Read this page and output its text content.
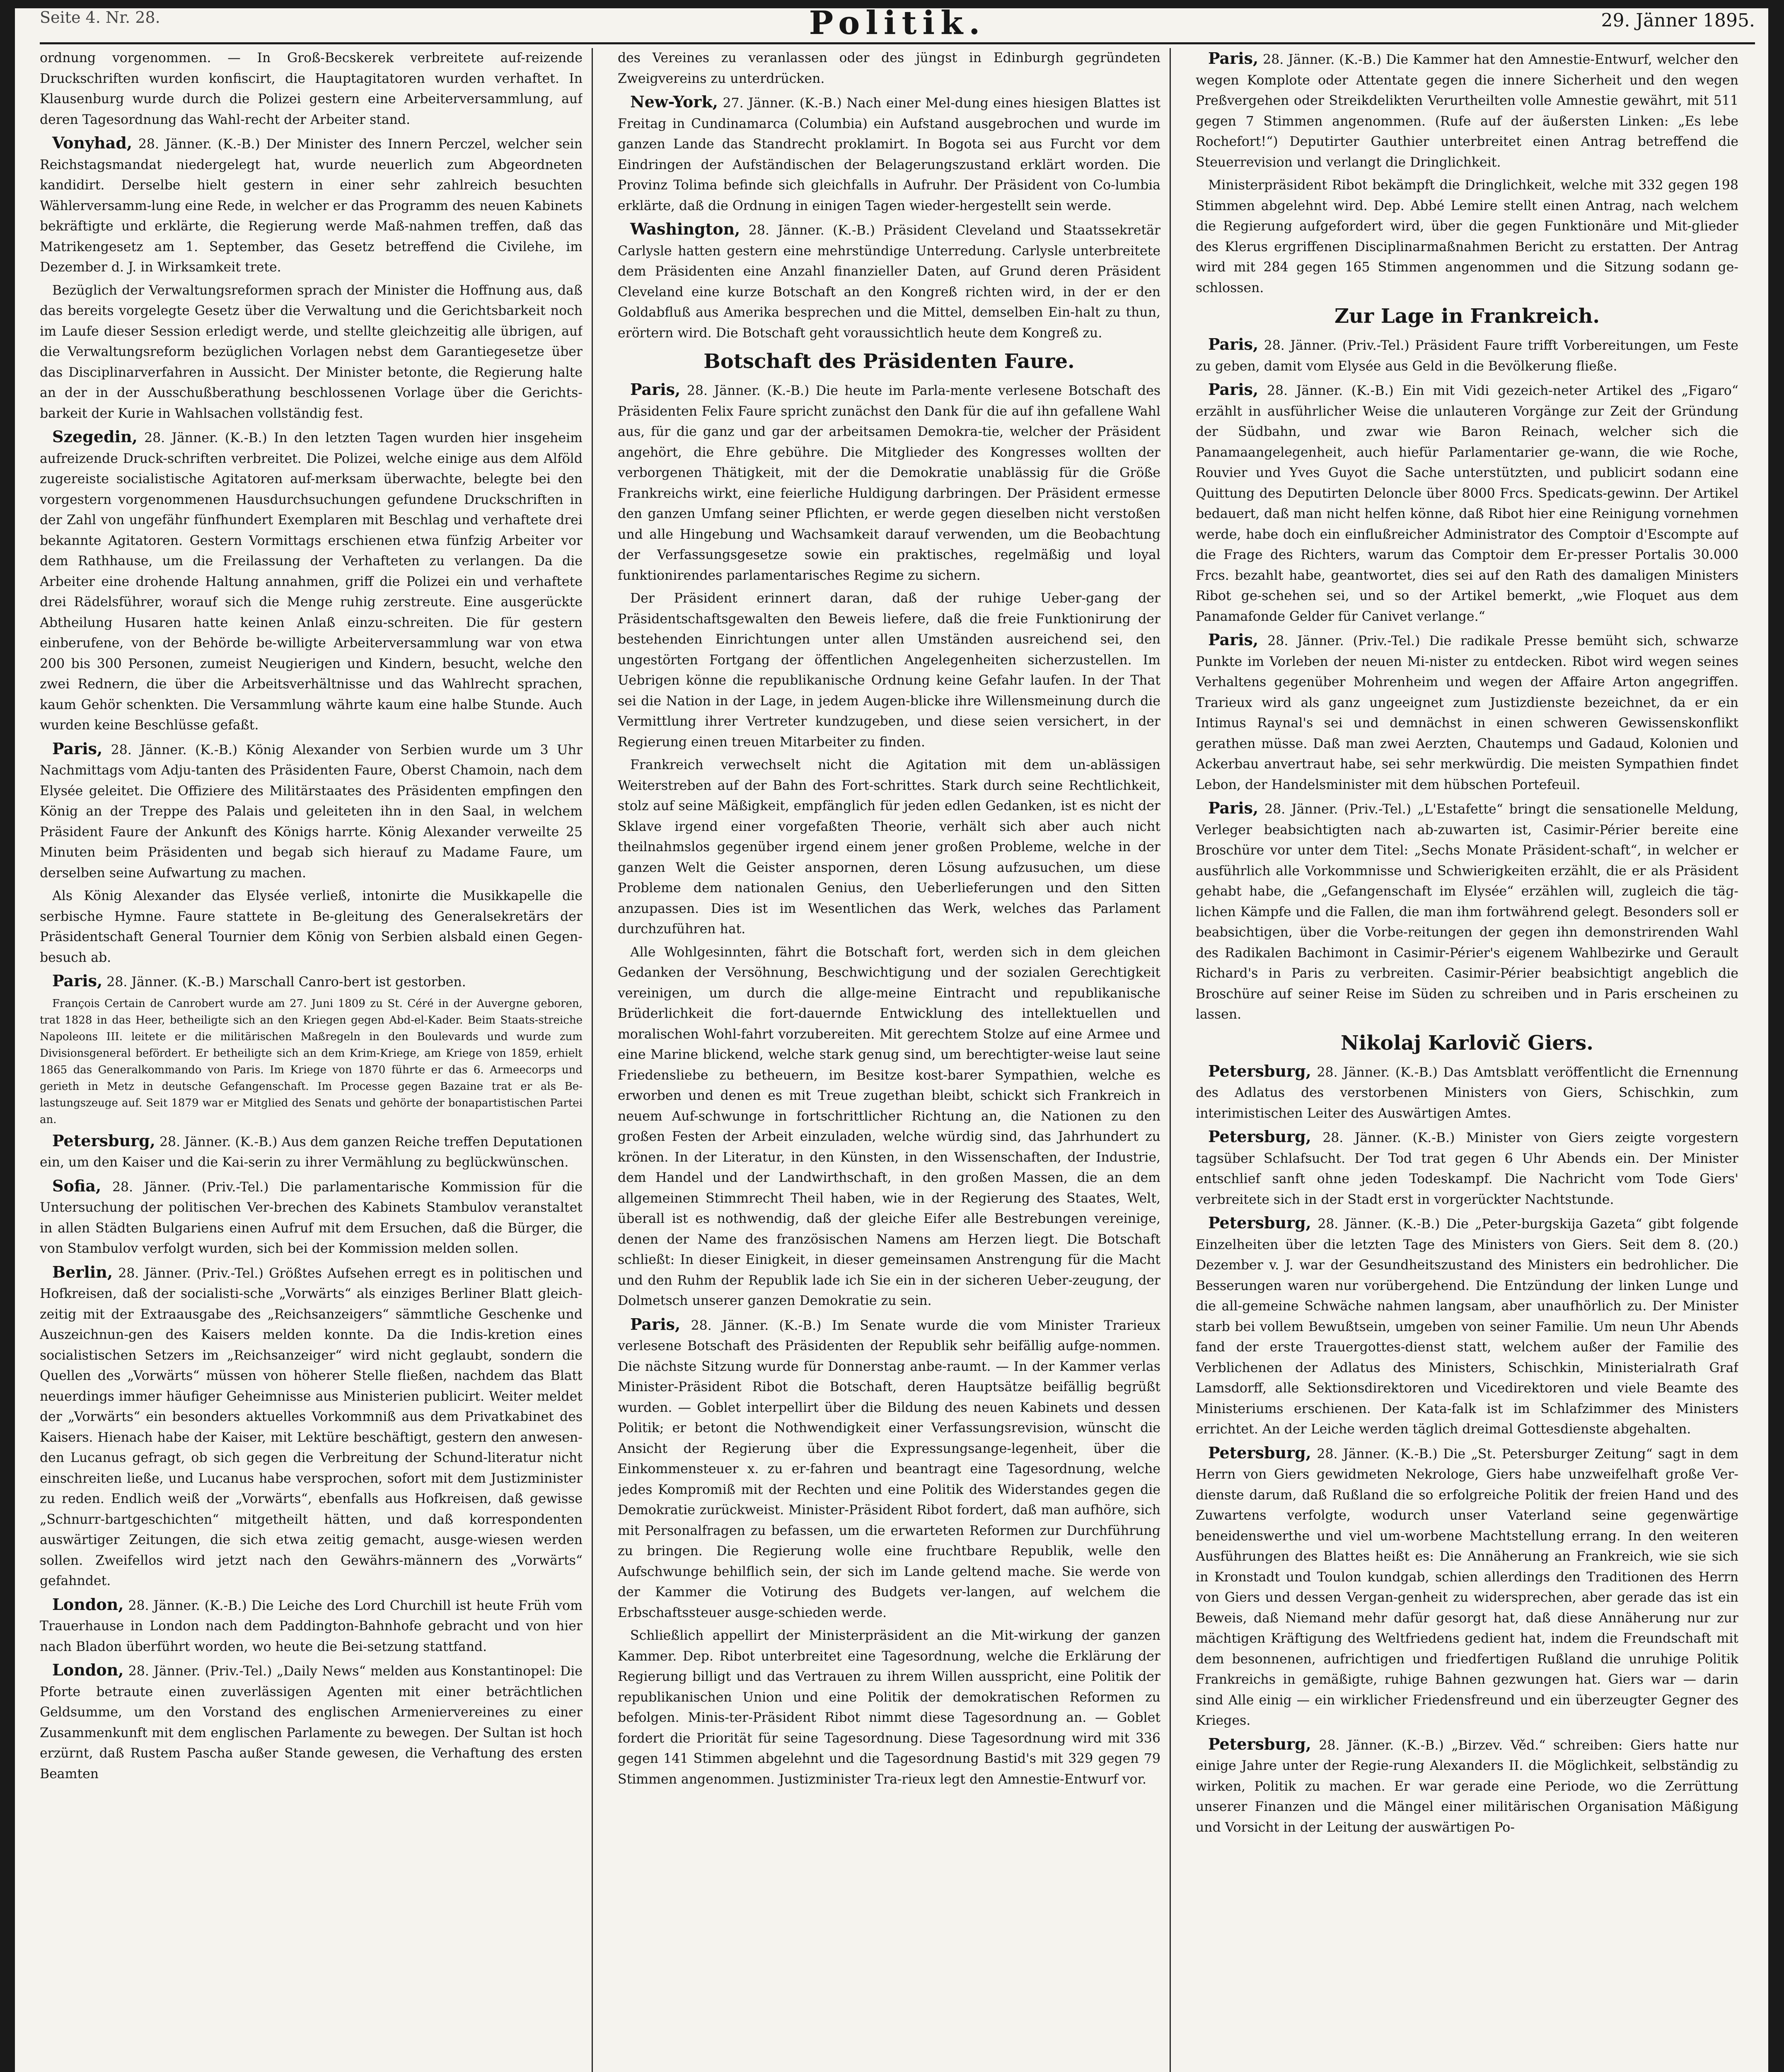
Seite 4. Nr. 28.	Politik.	29. Jänner 1895.

ordnung vorgenommen. — In Groß-Becskerek verbreitete auf-reizende Druckschriften wurden konfiscirt, die Hauptagitatoren wurden verhaftet. In Klausenburg wurde durch die Polizei gestern eine Arbeiterversammlung, auf deren Tagesordnung das Wahl-recht der Arbeiter stand.

Vonyhad, 28. Jänner. (K.-B.) Der Minister des Innern Perczel, welcher sein Reichstagsmandat niedergelegt hat, wurde neuerlich zum Abgeordneten kandidirt. Derselbe hielt gestern in einer sehr zahlreich besuchten Wählerversamm-lung eine Rede, in welcher er das Programm des neuen Kabinets bekräftigte und erklärte, die Regierung werde Maß-nahmen treffen, daß das Matrikengesetz am 1. September, das Gesetz betreffend die Civilehe, im Dezember d. J. in Wirksamkeit trete.

Bezüglich der Verwaltungsreformen sprach der Minister die Hoffnung aus, daß das bereits vorgelegte Gesetz über die Verwaltung und die Gerichtsbarkeit noch im Laufe dieser Session erledigt werde, und stellte gleichzeitig alle übrigen, auf die Verwaltungsreform bezüglichen Vorlagen nebst dem Garantiegesetze über das Disciplinarverfahren in Aussicht. Der Minister betonte, die Regierung halte an der in der Ausschußberathung beschlossenen Vorlage über die Gerichts-barkeit der Kurie in Wahlsachen vollständig fest.

Szegedin, 28. Jänner. (K.-B.) In den letzten Tagen wurden hier insgeheim aufreizende Druck-schriften verbreitet. Die Polizei, welche einige aus dem Alföld zugereiste socialistische Agitatoren auf-merksam überwachte, belegte bei den vorgestern vorgenommenen Hausdurchsuchungen gefundene Druckschriften in der Zahl von ungefähr fünfhundert Exemplaren mit Beschlag und verhaftete drei bekannte Agitatoren. Gestern Vormittags erschienen etwa fünfzig Arbeiter vor dem Rathhause, um die Freilassung der Verhafteten zu verlangen. Da die Arbeiter eine drohende Haltung annahmen, griff die Polizei ein und verhaftete drei Rädelsführer, worauf sich die Menge ruhig zerstreute. Eine ausgerückte Abtheilung Husaren hatte keinen Anlaß einzu-schreiten. Die für gestern einberufene, von der Behörde be-willigte Arbeiterversammlung war von etwa 200 bis 300 Personen, zumeist Neugierigen und Kindern, besucht, welche den zwei Rednern, die über die Arbeitsverhältnisse und das Wahlrecht sprachen, kaum Gehör schenkten. Die Versammlung währte kaum eine halbe Stunde. Auch wurden keine Beschlüsse gefaßt.

Paris, 28. Jänner. (K.-B.) König Alexander von Serbien wurde um 3 Uhr Nachmittags vom Adju-tanten des Präsidenten Faure, Oberst Chamoin, nach dem Elysée geleitet. Die Offiziere des Militärstaates des Präsidenten empfingen den König an der Treppe des Palais und geleiteten ihn in den Saal, in welchem Präsident Faure der Ankunft des Königs harrte. König Alexander verweilte 25 Minuten beim Präsidenten und begab sich hierauf zu Madame Faure, um derselben seine Aufwartung zu machen.

Als König Alexander das Elysée verließ, intonirte die Musikkapelle die serbische Hymne. Faure stattete in Be-gleitung des Generalsekretärs der Präsidentschaft General Tournier dem König von Serbien alsbald einen Gegen-besuch ab.

Paris, 28. Jänner. (K.-B.) Marschall Canro-bert ist gestorben.

François Certain de Canrobert wurde am 27. Juni 1809 zu St. Céré in der Auvergne geboren, trat 1828 in das Heer, betheiligte sich an den Kriegen gegen Abd-el-Kader. Beim Staats-streiche Napoleons III. leitete er die militärischen Maßregeln in den Boulevards und wurde zum Divisionsgeneral befördert. Er betheiligte sich an dem Krim-Kriege, am Kriege von 1859, erhielt 1865 das Generalkommando von Paris. Im Kriege von 1870 führte er das 6. Armeecorps und gerieth in Metz in deutsche Gefangenschaft. Im Processe gegen Bazaine trat er als Be-lastungszeuge auf. Seit 1879 war er Mitglied des Senats und gehörte der bonapartistischen Partei an.

Petersburg, 28. Jänner. (K.-B.) Aus dem ganzen Reiche treffen Deputationen ein, um den Kaiser und die Kai-serin zu ihrer Vermählung zu beglückwünschen.

Sofia, 28. Jänner. (Priv.-Tel.) Die parlamentarische Kommission für die Untersuchung der politischen Ver-brechen des Kabinets Stambulov veranstaltet in allen Städten Bulgariens einen Aufruf mit dem Ersuchen, daß die Bürger, die von Stambulov verfolgt wurden, sich bei der Kommission melden sollen.

Berlin, 28. Jänner. (Priv.-Tel.) Größtes Aufsehen erregt es in politischen und Hofkreisen, daß der socialisti-sche „Vorwärts“ als einziges Berliner Blatt gleich-zeitig mit der Extraausgabe des „Reichsanzeigers“ sämmtliche Geschenke und Auszeichnun-gen des Kaisers melden konnte. Da die Indis-kretion eines socialistischen Setzers im „Reichsanzeiger“ wird nicht geglaubt, sondern die Quellen des „Vorwärts“ müssen von höherer Stelle fließen, nachdem das Blatt neuerdings immer häufiger Geheimnisse aus Ministerien publicirt. Weiter meldet der „Vorwärts“ ein besonders aktuelles Vorkommniß aus dem Privatkabinet des Kaisers. Hienach habe der Kaiser, mit Lektüre beschäftigt, gestern den anwesen-den Lucanus gefragt, ob sich gegen die Verbreitung der Schund-literatur nicht einschreiten ließe, und Lucanus habe versprochen, sofort mit dem Justizminister zu reden. Endlich weiß der „Vorwärts“, ebenfalls aus Hofkreisen, daß gewisse „Schnurr-bartgeschichten“ mitgetheilt hätten, und daß korrespondenten auswärtiger Zeitungen, die sich etwa zeitig gemacht, ausge-wiesen werden sollen. Zweifellos wird jetzt nach den Gewährs-männern des „Vorwärts“ gefahndet.

London, 28. Jänner. (K.-B.) Die Leiche des Lord Churchill ist heute Früh vom Trauerhause in London nach dem Paddington-Bahnhofe gebracht und von hier nach Bladon überführt worden, wo heute die Bei-setzung stattfand.

London, 28. Jänner. (Priv.-Tel.) „Daily News“ melden aus Konstantinopel: Die Pforte betraute einen zuverlässigen Agenten mit einer beträchtlichen Geldsumme, um den Vorstand des englischen Armeniervereines zu einer Zusammenkunft mit dem englischen Parlamente zu bewegen. Der Sultan ist hoch erzürnt, daß Rustem Pascha außer Stande gewesen, die Verhaftung des ersten Beamten

des Vereines zu veranlassen oder des jüngst in Edinburgh gegründeten Zweigvereins zu unterdrücken.

New-York, 27. Jänner. (K.-B.) Nach einer Mel-dung eines hiesigen Blattes ist Freitag in Cundinamarca (Columbia) ein Aufstand ausgebrochen und wurde im ganzen Lande das Standrecht proklamirt. In Bogota sei aus Furcht vor dem Eindringen der Aufständischen der Belagerungszustand erklärt worden. Die Provinz Tolima befinde sich gleichfalls in Aufruhr. Der Präsident von Co-lumbia erklärte, daß die Ordnung in einigen Tagen wieder-hergestellt sein werde.

Washington, 28. Jänner. (K.-B.) Präsident Cleveland und Staatssekretär Carlysle hatten gestern eine mehrstündige Unterredung. Carlysle unterbreitete dem Präsidenten eine Anzahl finanzieller Daten, auf Grund deren Präsident Cleveland eine kurze Botschaft an den Kongreß richten wird, in der er den Goldabfluß aus Amerika besprechen und die Mittel, demselben Ein-halt zu thun, erörtern wird. Die Botschaft geht voraussichtlich heute dem Kongreß zu.

Botschaft des Präsidenten Faure.

Paris, 28. Jänner. (K.-B.) Die heute im Parla-mente verlesene Botschaft des Präsidenten Felix Faure spricht zunächst den Dank für die auf ihn gefallene Wahl aus, für die ganz und gar der arbeitsamen Demokra-tie, welcher der Präsident angehört, die Ehre gebühre. Die Mitglieder des Kongresses wollten der verborgenen Thätigkeit, mit der die Demokratie unablässig für die Größe Frankreichs wirkt, eine feierliche Huldigung darbringen. Der Präsident ermesse den ganzen Umfang seiner Pflichten, er werde gegen dieselben nicht verstoßen und alle Hingebung und Wachsamkeit darauf verwenden, um die Beobachtung der Verfassungsgesetze sowie ein praktisches, regelmäßig und loyal funktionirendes parlamentarisches Regime zu sichern.

Der Präsident erinnert daran, daß der ruhige Ueber-gang der Präsidentschaftsgewalten den Beweis liefere, daß die freie Funktionirung der bestehenden Einrichtungen unter allen Umständen ausreichend sei, den ungestörten Fortgang der öffentlichen Angelegenheiten sicherzustellen. Im Uebrigen könne die republikanische Ordnung keine Gefahr laufen. In der That sei die Nation in der Lage, in jedem Augen-blicke ihre Willensmeinung durch die Vermittlung ihrer Vertreter kundzugeben, und diese seien versichert, in der Regierung einen treuen Mitarbeiter zu finden.

Frankreich verwechselt nicht die Agitation mit dem un-ablässigen Weiterstreben auf der Bahn des Fort-schrittes. Stark durch seine Rechtlichkeit, stolz auf seine Mäßigkeit, empfänglich für jeden edlen Gedanken, ist es nicht der Sklave irgend einer vorgefaßten Theorie, verhält sich aber auch nicht theilnahmslos gegenüber irgend einem jener großen Probleme, welche in der ganzen Welt die Geister anspornen, deren Lösung aufzusuchen, um diese Probleme dem nationalen Genius, den Ueberlieferungen und den Sitten anzupassen. Dies ist im Wesentlichen das Werk, welches das Parlament durchzuführen hat.

Alle Wohlgesinnten, fährt die Botschaft fort, werden sich in dem gleichen Gedanken der Versöhnung, Beschwichtigung und der sozialen Gerechtigkeit vereinigen, um durch die allge-meine Eintracht und republikanische Brüderlichkeit die fort-dauernde Entwicklung des intellektuellen und moralischen Wohl-fahrt vorzubereiten. Mit gerechtem Stolze auf eine Armee und eine Marine blickend, welche stark genug sind, um berechtigter-weise laut seine Friedensliebe zu betheuern, im Besitze kost-barer Sympathien, welche es erworben und denen es mit Treue zugethan bleibt, schickt sich Frankreich in neuem Auf-schwunge in fortschrittlicher Richtung an, die Nationen zu den großen Festen der Arbeit einzuladen, welche würdig sind, das Jahrhundert zu krönen. In der Literatur, in den Künsten, in den Wissenschaften, der Industrie, dem Handel und der Landwirthschaft, in den großen Massen, die an dem allgemeinen Stimmrecht Theil haben, wie in der Regierung des Staates, Welt, überall ist es nothwendig, daß der gleiche Eifer alle Bestrebungen vereinige, denen der Name des französischen Namens am Herzen liegt. Die Botschaft schließt: In dieser Einigkeit, in dieser gemeinsamen Anstrengung für die Macht und den Ruhm der Republik lade ich Sie ein in der sicheren Ueber-zeugung, der Dolmetsch unserer ganzen Demokratie zu sein.

Paris, 28. Jänner. (K.-B.) Im Senate wurde die vom Minister Trarieux verlesene Botschaft des Präsidenten der Republik sehr beifällig aufge-nommen. Die nächste Sitzung wurde für Donnerstag anbe-raumt. — In der Kammer verlas Minister-Präsident Ribot die Botschaft, deren Hauptsätze beifällig begrüßt wurden. — Goblet interpellirt über die Bildung des neuen Kabinets und dessen Politik; er betont die Nothwendigkeit einer Verfassungsrevision, wünscht die Ansicht der Regierung über die Expressungsange-legenheit, über die Einkommensteuer x. zu er-fahren und beantragt eine Tagesordnung, welche jedes Kompromiß mit der Rechten und eine Politik des Widerstandes gegen die Demokratie zurückweist. Minister-Präsident Ribot fordert, daß man aufhöre, sich mit Personalfragen zu befassen, um die erwarteten Reformen zur Durchführung zu bringen. Die Regierung wolle eine fruchtbare Republik, welle den Aufschwunge behilflich sein, der sich im Lande geltend mache. Sie werde von der Kammer die Votirung des Budgets ver-langen, auf welchem die Erbschaftssteuer ausge-schieden werde.

Schließlich appellirt der Ministerpräsident an die Mit-wirkung der ganzen Kammer. Dep. Ribot unterbreitet eine Tagesordnung, welche die Erklärung der Regierung billigt und das Vertrauen zu ihrem Willen ausspricht, eine Politik der republikanischen Union und eine Politik der demokratischen Reformen zu befolgen. Minis-ter-Präsident Ribot nimmt diese Tagesordnung an. — Goblet fordert die Priorität für seine Tagesordnung. Diese Tagesordnung wird mit 336 gegen 141 Stimmen abgelehnt und die Tagesordnung Bastid's mit 329 gegen 79 Stimmen angenommen. Justizminister Tra-rieux legt den Amnestie-Entwurf vor.

Paris, 28. Jänner. (K.-B.) Die Kammer hat den Amnestie-Entwurf, welcher den wegen Komplote oder Attentate gegen die innere Sicherheit und den wegen Preßvergehen oder Streikdelikten Verurtheilten volle Amnestie gewährt, mit 511 gegen 7 Stimmen angenommen. (Rufe auf der äußersten Linken: „Es lebe Rochefort!“) Deputirter Gauthier unterbreitet einen Antrag betreffend die Steuerrevision und verlangt die Dringlichkeit.

Ministerpräsident Ribot bekämpft die Dringlichkeit, welche mit 332 gegen 198 Stimmen abgelehnt wird. Dep. Abbé Lemire stellt einen Antrag, nach welchem die Regierung aufgefordert wird, über die gegen Funktionäre und Mit-glieder des Klerus ergriffenen Disciplinarmaßnahmen Bericht zu erstatten. Der Antrag wird mit 284 gegen 165 Stimmen angenommen und die Sitzung sodann ge-schlossen.

Zur Lage in Frankreich.

Paris, 28. Jänner. (Priv.-Tel.) Präsident Faure trifft Vorbereitungen, um Feste zu geben, damit vom Elysée aus Geld in die Bevölkerung fließe.

Paris, 28. Jänner. (K.-B.) Ein mit Vidi gezeich-neter Artikel des „Figaro“ erzählt in ausführlicher Weise die unlauteren Vorgänge zur Zeit der Gründung der Südbahn, und zwar wie Baron Reinach, welcher sich die Panamaangelegenheit, auch hiefür Parlamentarier ge-wann, die wie Roche, Rouvier und Yves Guyot die Sache unterstützten, und publicirt sodann eine Quittung des Deputirten Deloncle über 8000 Frcs. Spedicats-gewinn. Der Artikel bedauert, daß man nicht helfen könne, daß Ribot hier eine Reinigung vornehmen werde, habe doch ein einflußreicher Administrator des Comptoir d'Escompte auf die Frage des Richters, warum das Comptoir dem Er-presser Portalis 30.000 Frcs. bezahlt habe, geantwortet, dies sei auf den Rath des damaligen Ministers Ribot ge-schehen sei, und so der Artikel bemerkt, „wie Floquet aus dem Panamafonde Gelder für Canivet verlange.“

Paris, 28. Jänner. (Priv.-Tel.) Die radikale Presse bemüht sich, schwarze Punkte im Vorleben der neuen Mi-nister zu entdecken. Ribot wird wegen seines Verhaltens gegenüber Mohrenheim und wegen der Affaire Arton angegriffen. Trarieux wird als ganz ungeeignet zum Justizdienste bezeichnet, da er ein Intimus Raynal's sei und demnächst in einen schweren Gewissenskonflikt gerathen müsse. Daß man zwei Aerzten, Chautemps und Gadaud, Kolonien und Ackerbau anvertraut habe, sei sehr merkwürdig. Die meisten Sympathien findet Lebon, der Handelsminister mit dem hübschen Portefeuil.

Paris, 28. Jänner. (Priv.-Tel.) „L'Estafette“ bringt die sensationelle Meldung, Verleger beabsichtigten nach ab-zuwarten ist, Casimir-Périer bereite eine Broschüre vor unter dem Titel: „Sechs Monate Präsident-schaft“, in welcher er ausführlich alle Vorkommnisse und Schwierigkeiten erzählt, die er als Präsident gehabt habe, die „Gefangenschaft im Elysée“ erzählen will, zugleich die täg-lichen Kämpfe und die Fallen, die man ihm fortwährend gelegt. Besonders soll er beabsichtigen, über die Vorbe-reitungen der gegen ihn demonstrirenden Wahl des Radikalen Bachimont in Casimir-Périer's eigenem Wahlbezirke und Gerault Richard's in Paris zu verbreiten. Casimir-Périer beabsichtigt angeblich die Broschüre auf seiner Reise im Süden zu schreiben und in Paris erscheinen zu lassen.

Nikolaj Karlovič Giers.

Petersburg, 28. Jänner. (K.-B.) Das Amtsblatt veröffentlicht die Ernennung des Adlatus des verstorbenen Ministers von Giers, Schischkin, zum interimistischen Leiter des Auswärtigen Amtes.

Petersburg, 28. Jänner. (K.-B.) Minister von Giers zeigte vorgestern tagsüber Schlafsucht. Der Tod trat gegen 6 Uhr Abends ein. Der Minister entschlief sanft ohne jeden Todeskampf. Die Nachricht vom Tode Giers' verbreitete sich in der Stadt erst in vorgerückter Nachtstunde.

Petersburg, 28. Jänner. (K.-B.) Die „Peter-burgskija Gazeta“ gibt folgende Einzelheiten über die letzten Tage des Ministers von Giers. Seit dem 8. (20.) Dezember v. J. war der Gesundheitszustand des Ministers ein bedrohlicher. Die Besserungen waren nur vorübergehend. Die Entzündung der linken Lunge und die all-gemeine Schwäche nahmen langsam, aber unaufhörlich zu. Der Minister starb bei vollem Bewußtsein, umgeben von seiner Familie. Um neun Uhr Abends fand der erste Trauergottes-dienst statt, welchem außer der Familie des Verblichenen der Adlatus des Ministers, Schischkin, Ministerialrath Graf Lamsdorff, alle Sektionsdirektoren und Vicedirektoren und viele Beamte des Ministeriums erschienen. Der Kata-falk ist im Schlafzimmer des Ministers errichtet. An der Leiche werden täglich dreimal Gottesdienste abgehalten.

Petersburg, 28. Jänner. (K.-B.) Die „St. Petersburger Zeitung“ sagt in dem Herrn von Giers gewidmeten Nekrologe, Giers habe unzweifelhaft große Ver-dienste darum, daß Rußland die so erfolgreiche Politik der freien Hand und des Zuwartens verfolgte, wodurch unser Vaterland seine gegenwärtige beneidenswerthe und viel um-worbene Machtstellung errang. In den weiteren Ausführungen des Blattes heißt es: Die Annäherung an Frankreich, wie sie sich in Kronstadt und Toulon kundgab, schien allerdings den Traditionen des Herrn von Giers und dessen Vergan-genheit zu widersprechen, aber gerade das ist ein Beweis, daß Niemand mehr dafür gesorgt hat, daß diese Annäherung nur zur mächtigen Kräftigung des Weltfriedens gedient hat, indem die Freundschaft mit dem besonnenen, aufrichtigen und friedfertigen Rußland die unruhige Politik Frankreichs in gemäßigte, ruhige Bahnen gezwungen hat. Giers war — darin sind Alle einig — ein wirklicher Friedensfreund und ein überzeugter Gegner des Krieges.

Petersburg, 28. Jänner. (K.-B.) „Birzev. Věd.“ schreiben: Giers hatte nur einige Jahre unter der Regie-rung Alexanders II. die Möglichkeit, selbständig zu wirken, Politik zu machen. Er war gerade eine Periode, wo die Zerrüttung unserer Finanzen und die Mängel einer militärischen Organisation Mäßigung und Vorsicht in der Leitung der auswärtigen Po-
